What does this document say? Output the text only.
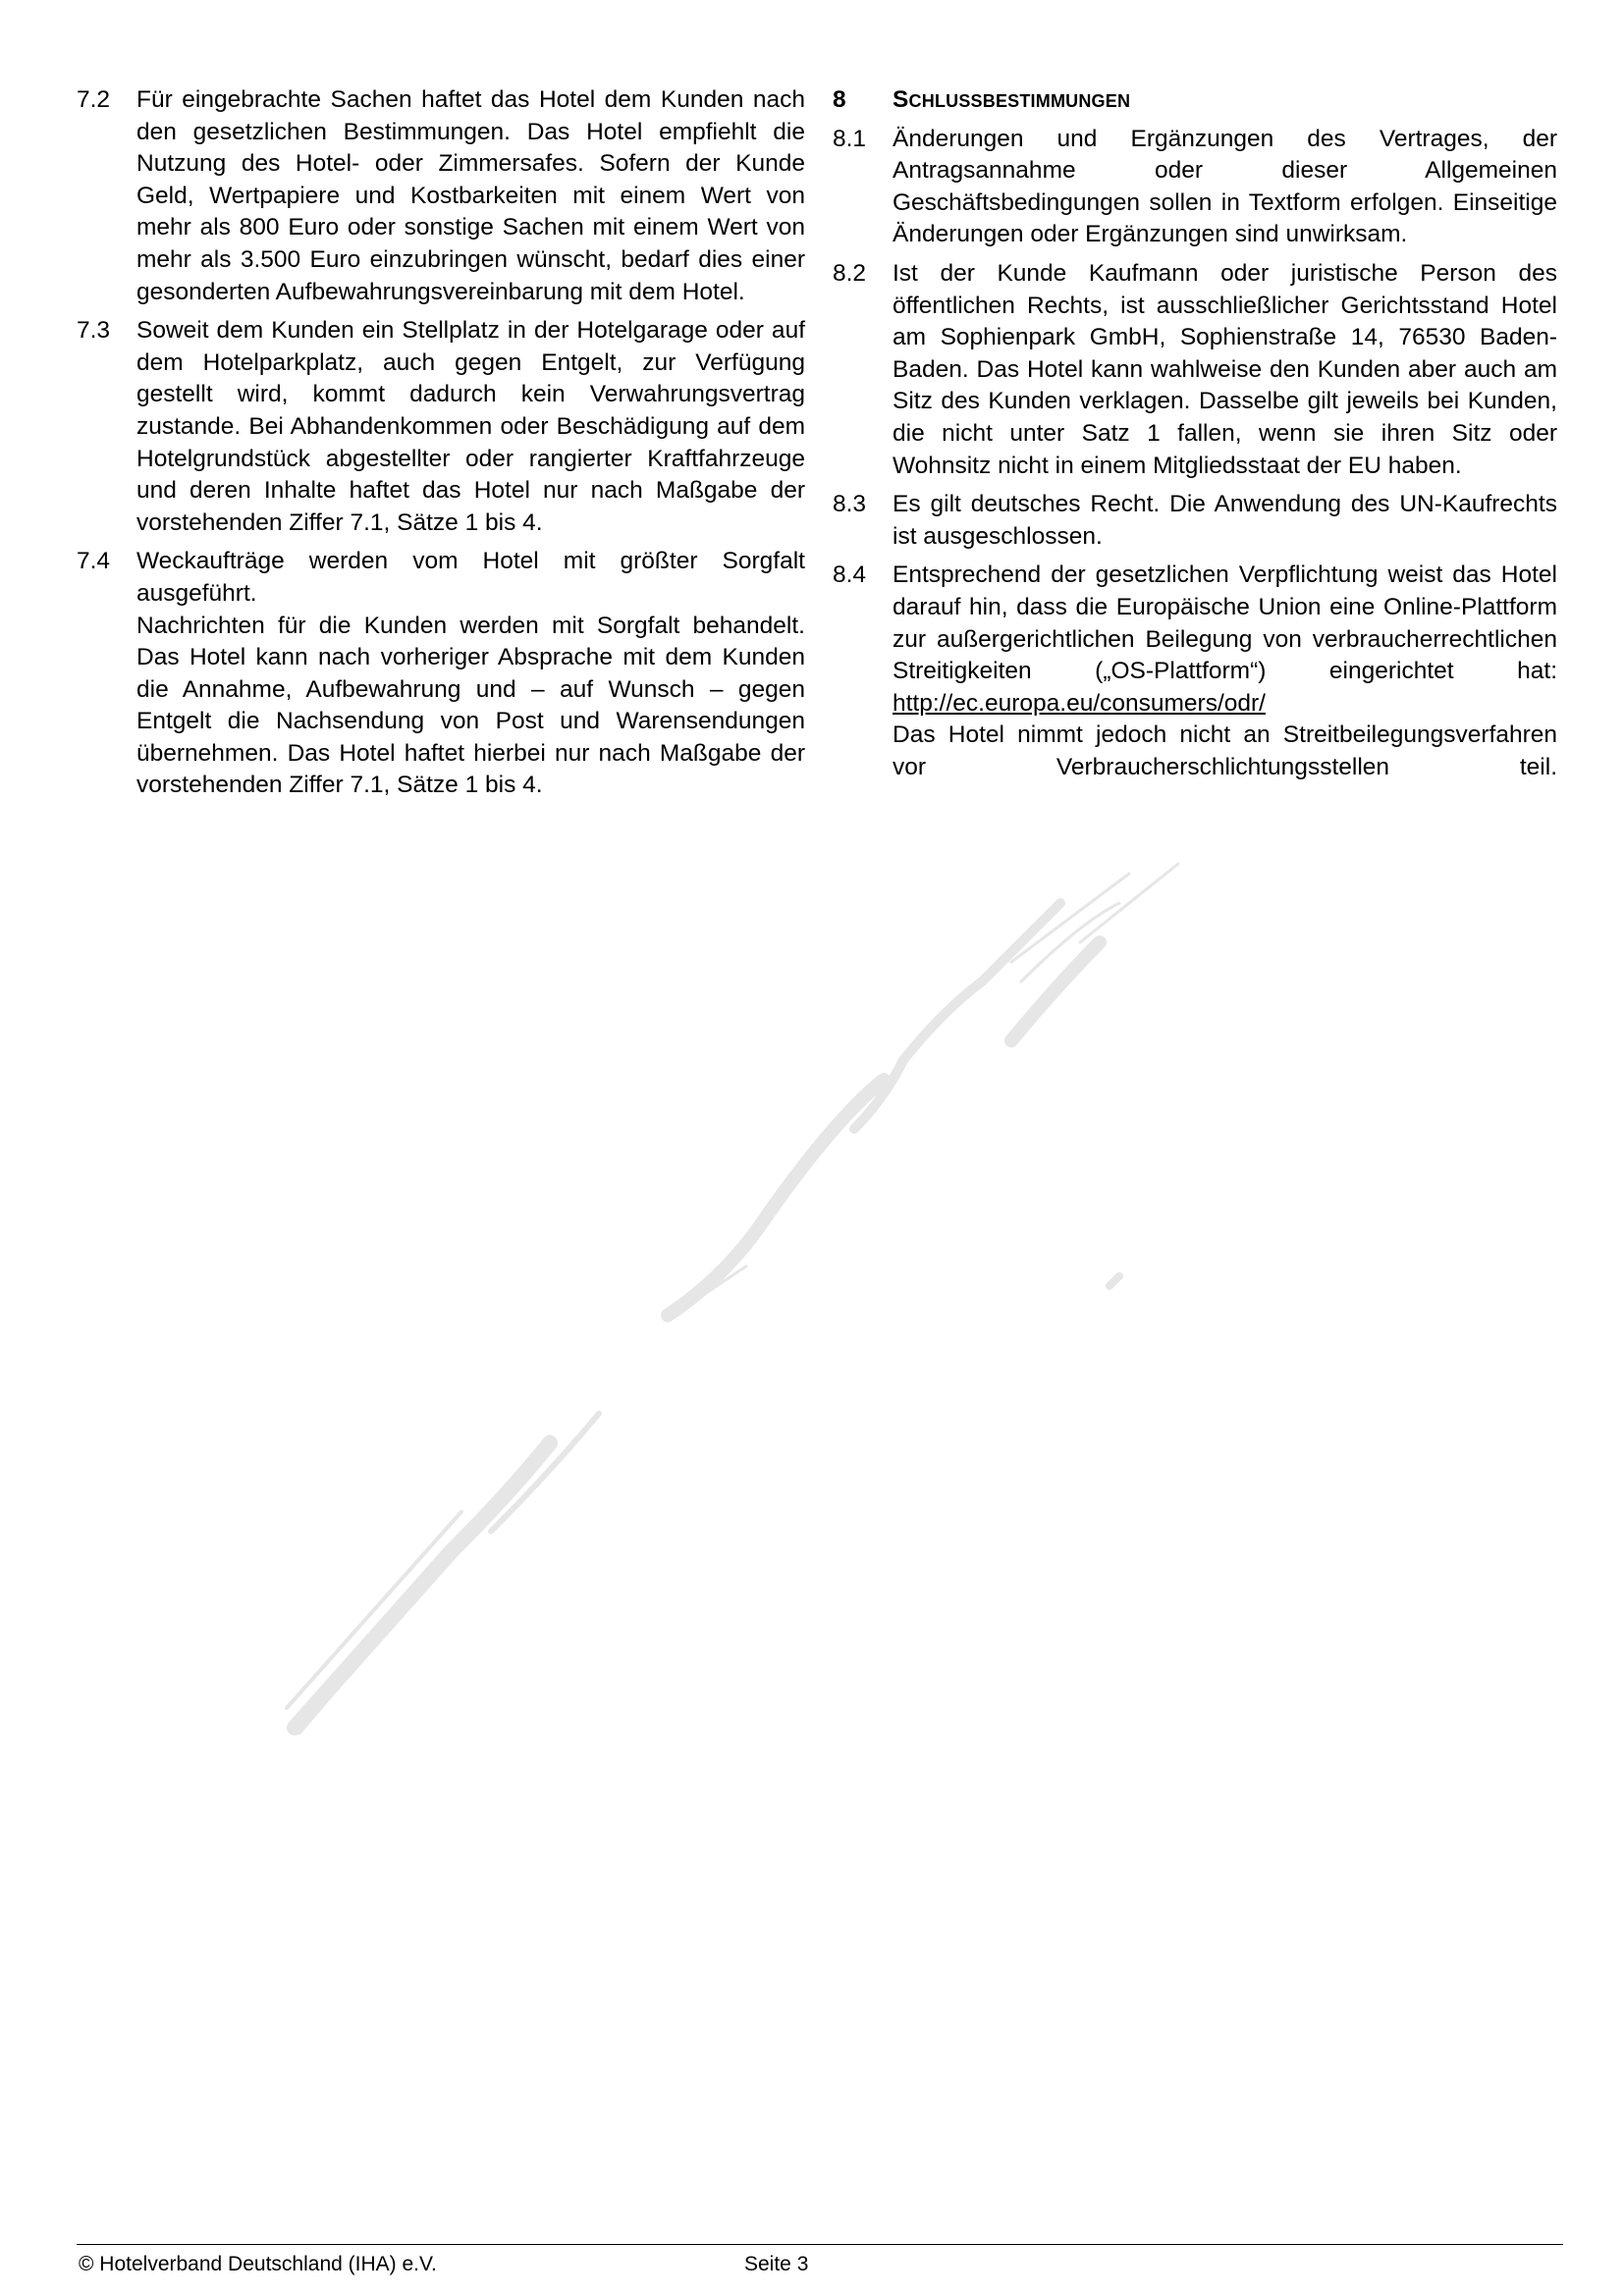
7.2 Für eingebrachte Sachen haftet das Hotel dem Kunden nach den gesetzlichen Bestimmungen. Das Hotel empfiehlt die Nutzung des Hotel- oder Zimmersafes. Sofern der Kunde Geld, Wertpapiere und Kostbarkeiten mit einem Wert von mehr als 800 Euro oder sonstige Sachen mit einem Wert von mehr als 3.500 Euro einzubringen wünscht, bedarf dies einer gesonderten Aufbewahrungsvereinbarung mit dem Hotel.

7.3 Soweit dem Kunden ein Stellplatz in der Hotelgarage oder auf dem Hotelparkplatz, auch gegen Entgelt, zur Verfügung gestellt wird, kommt dadurch kein Verwahrungsvertrag zustande. Bei Abhandenkommen oder Beschädigung auf dem Hotelgrundstück abgestellter oder rangierter Kraftfahrzeuge und deren Inhalte haftet das Hotel nur nach Maßgabe der vorstehenden Ziffer 7.1, Sätze 1 bis 4.

7.4 Weckaufträge werden vom Hotel mit größter Sorgfalt ausgeführt.

Nachrichten für die Kunden werden mit Sorgfalt behandelt. Das Hotel kann nach vorheriger Absprache mit dem Kunden die Annahme, Aufbewahrung und – auf Wunsch – gegen Entgelt die Nachsendung von Post und Warensendungen übernehmen. Das Hotel haftet hierbei nur nach Maßgabe der vorstehenden Ziffer 7.1, Sätze 1 bis 4.

8 SCHLUSSBESTIMMUNGEN
8.1 Änderungen und Ergänzungen des Vertrages, der Antragsannahme oder dieser Allgemeinen Geschäftsbedingungen sollen in Textform erfolgen. Einseitige Änderungen oder Ergänzungen sind unwirksam.

8.2 Ist der Kunde Kaufmann oder juristische Person des öffentlichen Rechts, ist ausschließlicher Gerichtsstand Hotel am Sophienpark GmbH, Sophienstraße 14, 76530 Baden-Baden. Das Hotel kann wahlweise den Kunden aber auch am Sitz des Kunden verklagen. Dasselbe gilt jeweils bei Kunden, die nicht unter Satz 1 fallen, wenn sie ihren Sitz oder Wohnsitz nicht in einem Mitgliedsstaat der EU haben.

8.3 Es gilt deutsches Recht. Die Anwendung des UN-Kaufrechts ist ausgeschlossen.

8.4 Entsprechend der gesetzlichen Verpflichtung weist das Hotel darauf hin, dass die Europäische Union eine Online-Plattform zur außergerichtlichen Beilegung von verbraucherrechtlichen Streitigkeiten („OS-Plattform“) eingerichtet hat: http://ec.europa.eu/consumers/odr/

Das Hotel nimmt jedoch nicht an Streitbeilegungsverfahren vor Verbraucherschlichtungsstellen teil.

© Hotelverband Deutschland (IHA) e.V.	Seite 3
